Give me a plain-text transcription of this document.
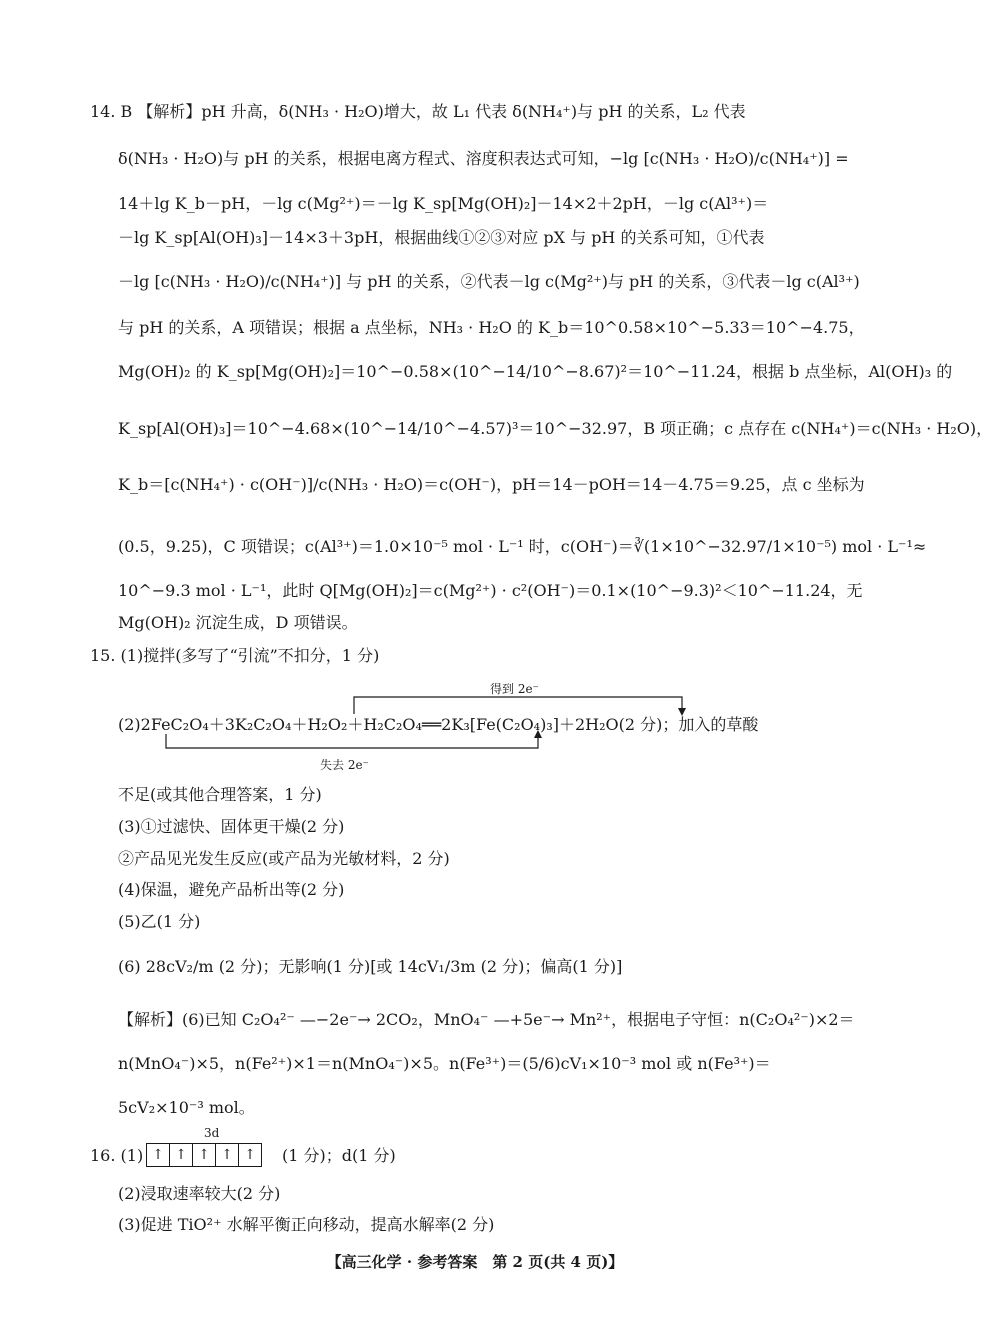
14. B 【解析】pH 升高，δ(NH₃ · H₂O)增大，故 L₁ 代表 δ(NH₄⁺)与 pH 的关系，L₂ 代表
δ(NH₃ · H₂O)与 pH 的关系，根据电离方程式、溶度积表达式可知，−lg [c(NH₃ · H₂O)/c(NH₄⁺)] =
14＋lg K_b－pH，－lg c(Mg²⁺)＝－lg K_sp[Mg(OH)₂]－14×2＋2pH，－lg c(Al³⁺)＝
－lg K_sp[Al(OH)₃]－14×3＋3pH，根据曲线①②③对应 pX 与 pH 的关系可知，①代表
－lg [c(NH₃ · H₂O)/c(NH₄⁺)] 与 pH 的关系，②代表－lg c(Mg²⁺)与 pH 的关系，③代表－lg c(Al³⁺)
与 pH 的关系，A 项错误；根据 a 点坐标，NH₃ · H₂O 的 K_b＝10^0.58×10^−5.33＝10^−4.75，
Mg(OH)₂ 的 K_sp[Mg(OH)₂]＝10^−0.58×(10^−14/10^−8.67)²＝10^−11.24，根据 b 点坐标，Al(OH)₃ 的
K_sp[Al(OH)₃]＝10^−4.68×(10^−14/10^−4.57)³＝10^−32.97，B 项正确；c 点存在 c(NH₄⁺)＝c(NH₃ · H₂O)，
K_b＝[c(NH₄⁺) · c(OH⁻)]/c(NH₃ · H₂O)＝c(OH⁻)，pH＝14－pOH＝14－4.75＝9.25，点 c 坐标为
(0.5，9.25)，C 项错误；c(Al³⁺)＝1.0×10⁻⁵ mol · L⁻¹ 时，c(OH⁻)＝∛(1×10^−32.97/1×10⁻⁵) mol · L⁻¹≈
10^−9.3 mol · L⁻¹，此时 Q[Mg(OH)₂]＝c(Mg²⁺) · c²(OH⁻)＝0.1×(10^−9.3)²＜10^−11.24，无
Mg(OH)₂ 沉淀生成，D 项错误。
15. (1)搅拌(多写了“引流”不扣分，1 分)
得到 2e⁻
(2)2FeC₂O₄＋3K₂C₂O₄＋H₂O₂＋H₂C₂O₄══2K₃[Fe(C₂O₄)₃]＋2H₂O(2 分)；加入的草酸
失去 2e⁻
不足(或其他合理答案，1 分)
(3)①过滤快、固体更干燥(2 分)
②产品见光发生反应(或产品为光敏材料，2 分)
(4)保温，避免产品析出等(2 分)
(5)乙(1 分)
(6) 28cV₂/m (2 分)；无影响(1 分)[或 14cV₁/3m (2 分)；偏高(1 分)]
【解析】(6)已知 C₂O₄²⁻ —−2e⁻→ 2CO₂，MnO₄⁻ —+5e⁻→ Mn²⁺，根据电子守恒：n(C₂O₄²⁻)×2＝
n(MnO₄⁻)×5，n(Fe²⁺)×1＝n(MnO₄⁻)×5。n(Fe³⁺)＝(5/6)cV₁×10⁻³ mol 或 n(Fe³⁺)＝
5cV₂×10⁻³ mol。
3d
16. (1) ↑	↑	↑	↑	↑ (1 分)；d(1 分)
(2)浸取速率较大(2 分)
(3)促进 TiO²⁺ 水解平衡正向移动，提高水解率(2 分)
【高三化学 · 参考答案　第 2 页(共 4 页)】
